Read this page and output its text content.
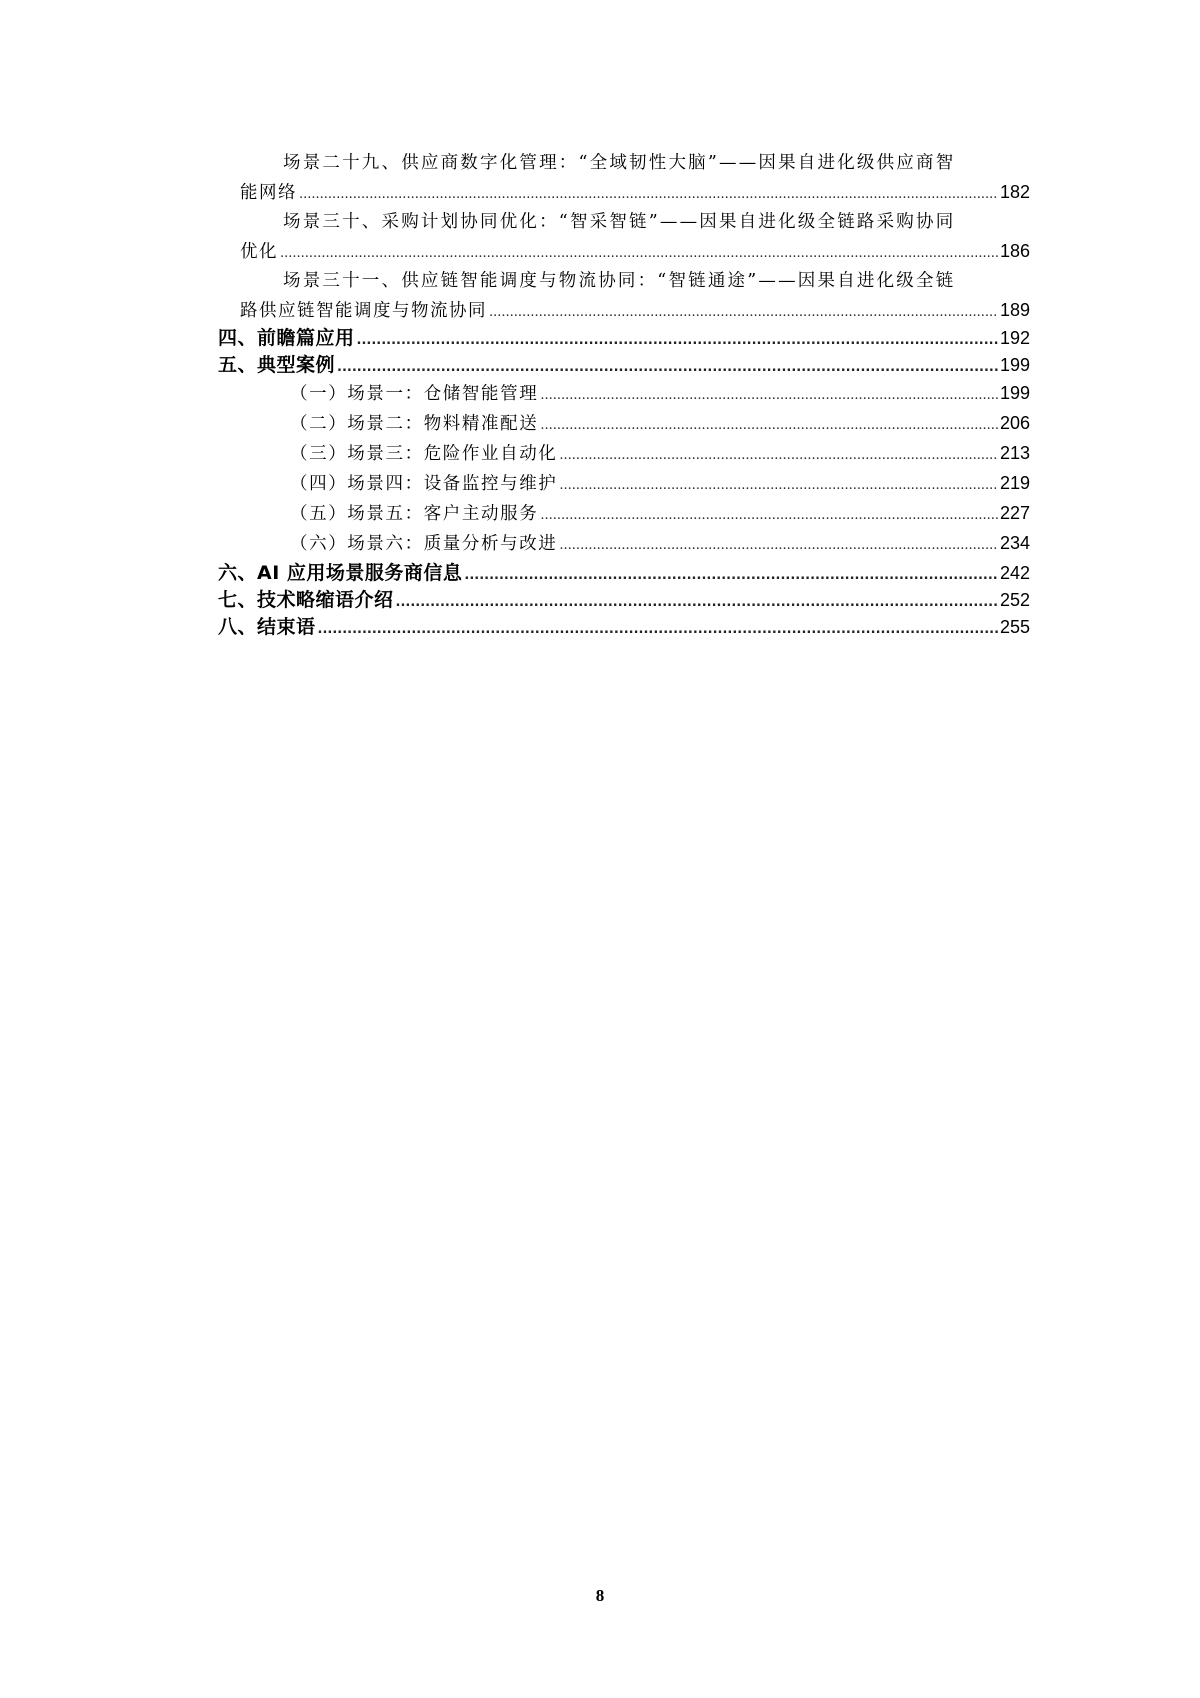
场景二十九、供应商数字化管理：“全域韧性大脑”——因果自进化级供应商智
能网络 .....	182
场景三十、采购计划协同优化：“智采智链”——因果自进化级全链路采购协同
优化 .....	186
场景三十一、供应链智能调度与物流协同：“智链通途”——因果自进化级全链
路供应链智能调度与物流协同 .....	189
四、前瞻篇应用 .....	192
五、典型案例 .....	199
（一）场景一：仓储智能管理 .....	199
（二）场景二：物料精准配送 .....	206
（三）场景三：危险作业自动化 .....	213
（四）场景四：设备监控与维护 .....	219
（五）场景五：客户主动服务 .....	227
（六）场景六：质量分析与改进 .....	234
六、AI 应用场景服务商信息 .....	242
七、技术略缩语介绍 .....	252
八、结束语 .....	255
8
